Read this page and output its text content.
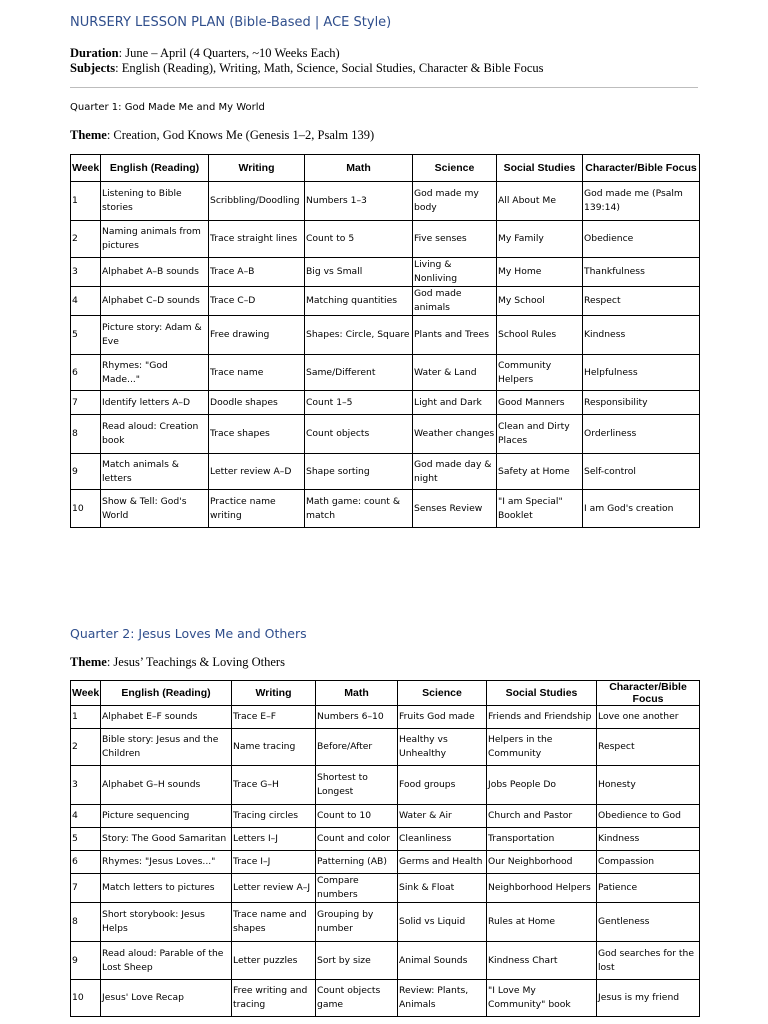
NURSERY LESSON PLAN (Bible-Based | ACE Style)
Duration: June – April (4 Quarters, ~10 Weeks Each)
Subjects: English (Reading), Writing, Math, Science, Social Studies, Character & Bible Focus
Quarter 1: God Made Me and My World
Theme: Creation, God Knows Me (Genesis 1–2, Psalm 139)
Week	English (Reading)	Writing	Math	Science	Social Studies	Character/Bible Focus
1	Listening to Bible stories	Scribbling/Doodling	Numbers 1–3	God made my body	All About Me	God made me (Psalm 139:14)
2	Naming animals from pictures	Trace straight lines	Count to 5	Five senses	My Family	Obedience
3	Alphabet A–B sounds	Trace A–B	Big vs Small	Living & Nonliving	My Home	Thankfulness
4	Alphabet C–D sounds	Trace C–D	Matching quantities	God made animals	My School	Respect
5	Picture story: Adam & Eve	Free drawing	Shapes: Circle, Square	Plants and Trees	School Rules	Kindness
6	Rhymes: "God Made..."	Trace name	Same/Different	Water & Land	Community Helpers	Helpfulness
7	Identify letters A–D	Doodle shapes	Count 1–5	Light and Dark	Good Manners	Responsibility
8	Read aloud: Creation book	Trace shapes	Count objects	Weather changes	Clean and Dirty Places	Orderliness
9	Match animals & letters	Letter review A–D	Shape sorting	God made day & night	Safety at Home	Self-control
10	Show & Tell: God's World	Practice name writing	Math game: count & match	Senses Review	"I am Special" Booklet	I am God's creation
Quarter 2: Jesus Loves Me and Others
Theme: Jesus’ Teachings & Loving Others
Week	English (Reading)	Writing	Math	Science	Social Studies	Character/Bible Focus
1	Alphabet E–F sounds	Trace E–F	Numbers 6–10	Fruits God made	Friends and Friendship	Love one another
2	Bible story: Jesus and the Children	Name tracing	Before/After	Healthy vs Unhealthy	Helpers in the Community	Respect
3	Alphabet G–H sounds	Trace G–H	Shortest to Longest	Food groups	Jobs People Do	Honesty
4	Picture sequencing	Tracing circles	Count to 10	Water & Air	Church and Pastor	Obedience to God
5	Story: The Good Samaritan	Letters I–J	Count and color	Cleanliness	Transportation	Kindness
6	Rhymes: "Jesus Loves..."	Trace I–J	Patterning (AB)	Germs and Health	Our Neighborhood	Compassion
7	Match letters to pictures	Letter review A–J	Compare numbers	Sink & Float	Neighborhood Helpers	Patience
8	Short storybook: Jesus Helps	Trace name and shapes	Grouping by number	Solid vs Liquid	Rules at Home	Gentleness
9	Read aloud: Parable of the Lost Sheep	Letter puzzles	Sort by size	Animal Sounds	Kindness Chart	God searches for the lost
10	Jesus' Love Recap	Free writing and tracing	Count objects game	Review: Plants, Animals	"I Love My Community" book	Jesus is my friend
